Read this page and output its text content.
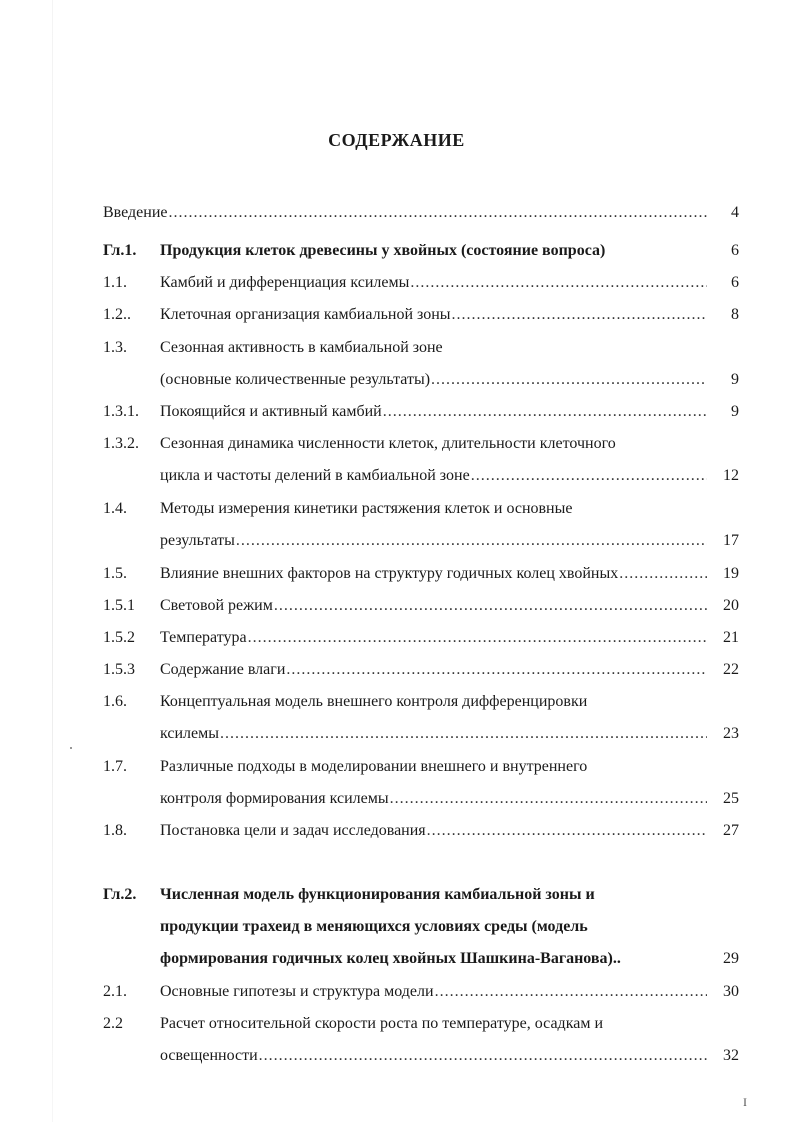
СОДЕРЖАНИЕ
Введение .....	4
Гл.1. Продукция клеток древесины у хвойных (состояние вопроса)	6
1.1. Камбий и дифференциация ксилемы .....	6
1.2.. Клеточная организация камбиальной зоны .....	8
1.3. Сезонная активность в камбиальной зоне
(основные количественные результаты) .....	9
1.3.1. Покоящийся и активный камбий .....	9
1.3.2. Сезонная динамика численности клеток, длительности клеточного
цикла и частоты делений в камбиальной зоне .....	12
1.4. Методы измерения кинетики растяжения клеток и основные
результаты .....	17
1.5. Влияние внешних факторов на структуру годичных колец хвойных .....	19
1.5.1 Световой режим .....	20
1.5.2 Температура .....	21
1.5.3 Содержание влаги .....	22
1.6. Концептуальная модель внешнего контроля дифференцировки
ксилемы .....	23
1.7. Различные подходы в моделировании внешнего и внутреннего
контроля формирования ксилемы .....	25
1.8. Постановка цели и задач исследования .....	27
Гл.2. Численная модель функционирования камбиальной зоны и
продукции трахеид в меняющихся условиях среды (модель
формирования годичных колец хвойных Шашкина-Ваганова)..	29
2.1. Основные гипотезы и структура модели .....	30
2.2 Расчет относительной скорости роста по температуре, осадкам и
освещенности .....	32
I
